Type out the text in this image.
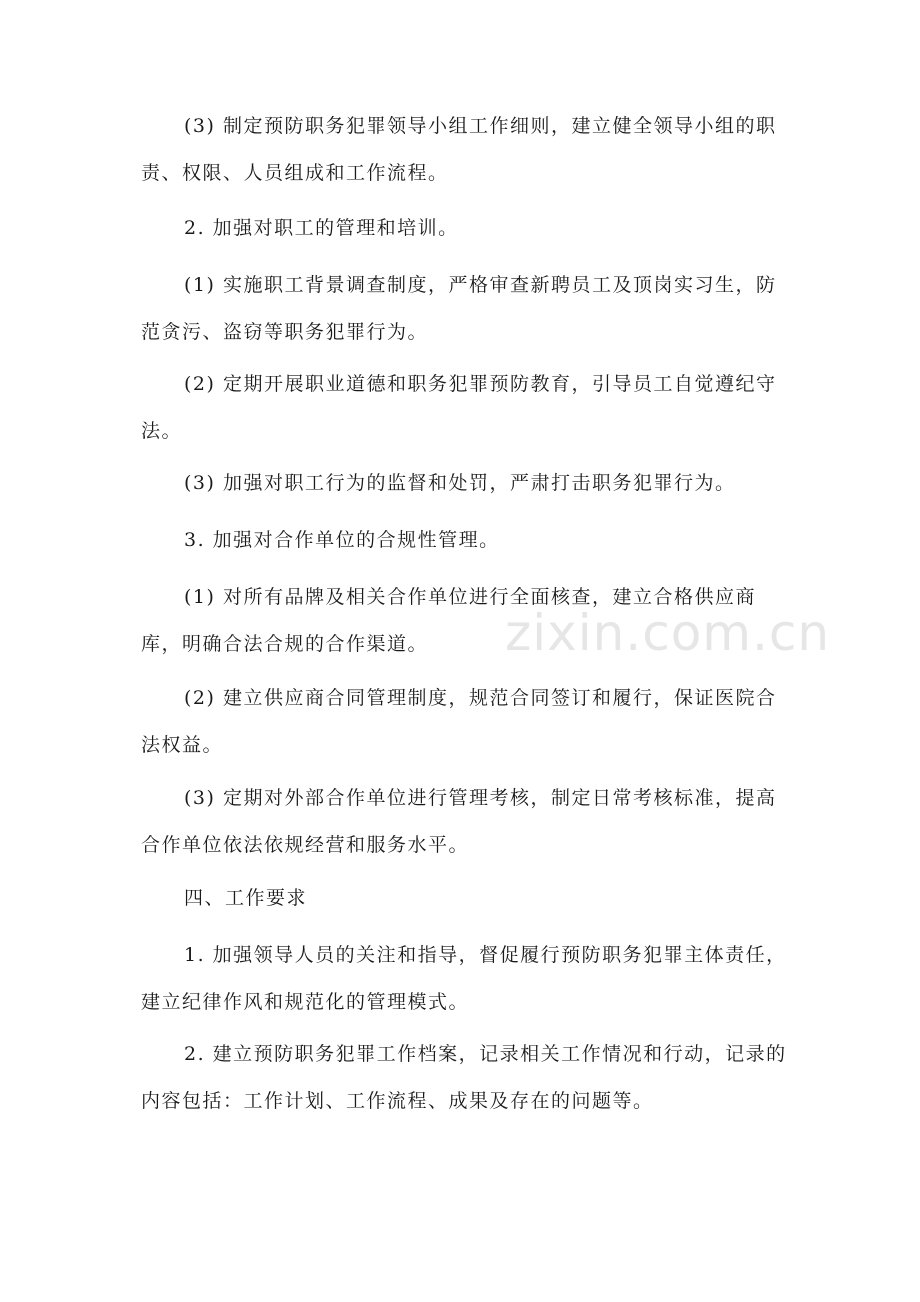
(3) 制定预防职务犯罪领导小组工作细则，建立健全领导小组的职责、权限、人员组成和工作流程。

2. 加强对职工的管理和培训。

(1) 实施职工背景调查制度，严格审查新聘员工及顶岗实习生，防范贪污、盗窃等职务犯罪行为。

(2) 定期开展职业道德和职务犯罪预防教育，引导员工自觉遵纪守法。

(3) 加强对职工行为的监督和处罚，严肃打击职务犯罪行为。

3. 加强对合作单位的合规性管理。

(1) 对所有品牌及相关合作单位进行全面核查，建立合格供应商库，明确合法合规的合作渠道。

(2) 建立供应商合同管理制度，规范合同签订和履行，保证医院合法权益。

(3) 定期对外部合作单位进行管理考核，制定日常考核标准，提高合作单位依法依规经营和服务水平。

四、工作要求

1. 加强领导人员的关注和指导，督促履行预防职务犯罪主体责任，建立纪律作风和规范化的管理模式。

2. 建立预防职务犯罪工作档案，记录相关工作情况和行动，记录的内容包括：工作计划、工作流程、成果及存在的问题等。

zixin.com.cn
